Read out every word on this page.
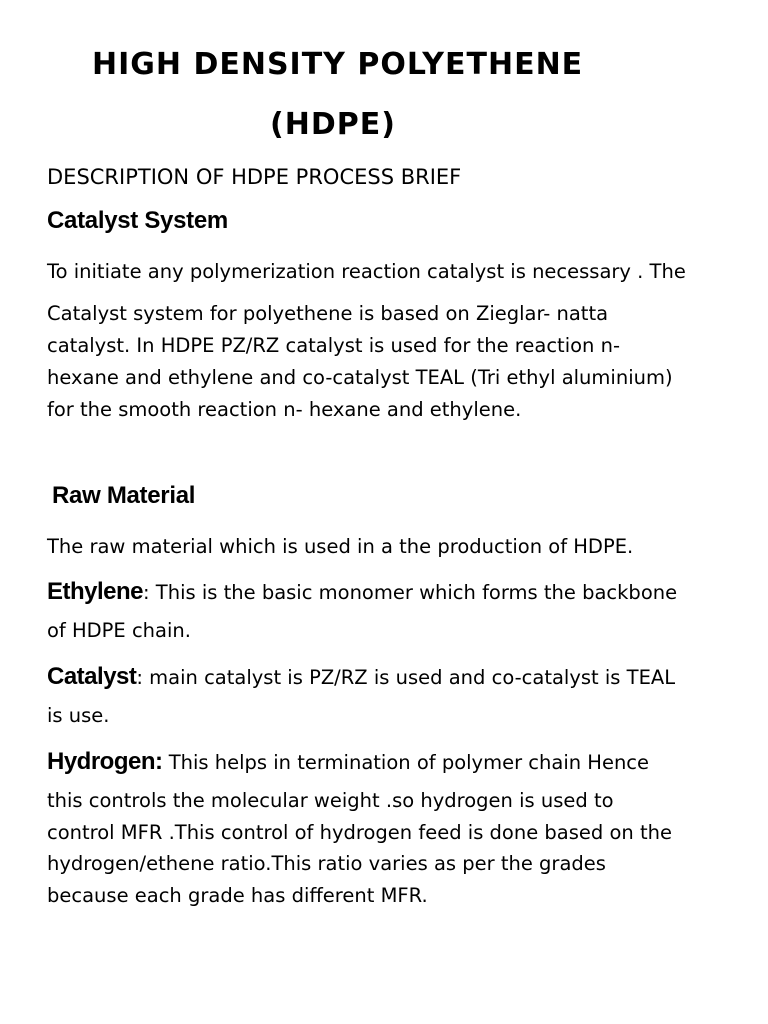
HIGH DENSITY POLYETHENE
(HDPE)
DESCRIPTION OF HDPE PROCESS BRIEF
Catalyst System
To initiate any polymerization reaction catalyst is necessary . The
Catalyst system for polyethene is based on Zieglar- natta
catalyst. In HDPE PZ/RZ catalyst is used for the reaction n-
hexane and ethylene and co-catalyst TEAL (Tri ethyl aluminium)
for the smooth reaction n- hexane and ethylene.
Raw Material
The raw material which is used in a the production of HDPE.
Ethylene: This is the basic monomer which forms the backbone
of HDPE chain.
Catalyst: main catalyst is PZ/RZ is used and co-catalyst is TEAL
is use.
Hydrogen: This helps in termination of polymer chain Hence
this controls the molecular weight .so hydrogen is used to
control MFR .This control of hydrogen feed is done based on the
hydrogen/ethene ratio.This ratio varies as per the grades
because each grade has different MFR.
